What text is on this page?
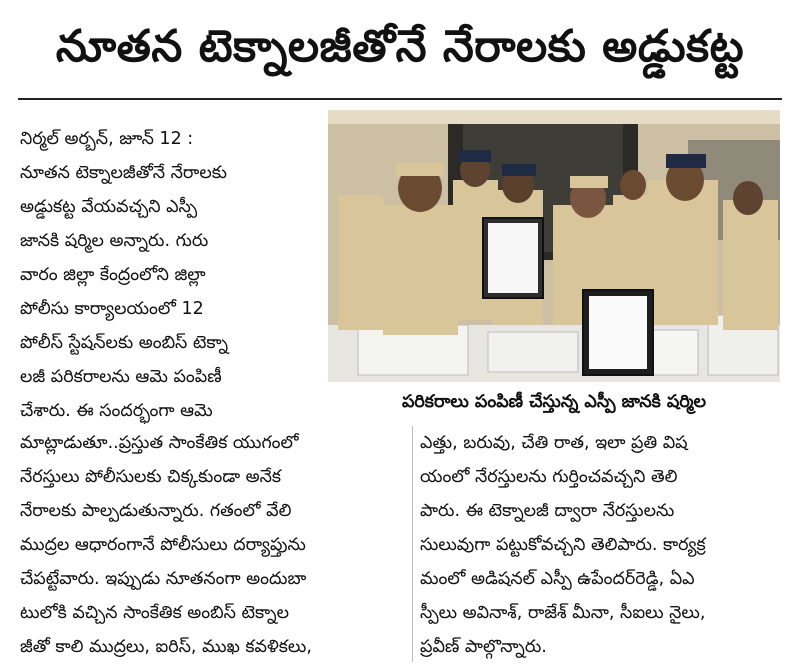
నూతన టెక్నాలజీతోనే నేరాలకు అడ్డుకట్ట
నిర్మల్ అర్బన్, జూన్ 12 :
నూతన టెక్నాలజీతోనే నేరాలకు
అడ్డుకట్ట వేయవచ్చని ఎస్పీ
జానకి షర్మిల అన్నారు. గురు
వారం జిల్లా కేంద్రంలోని జిల్లా
పోలీసు కార్యాలయంలో 12
పోలీస్ స్టేషన్‌లకు అంబిస్ టెక్నా
లజీ పరికరాలను ఆమె పంపిణీ
చేశారు. ఈ సందర్భంగా ఆమె	పరికరాలు పంపిణీ చేస్తున్న ఎస్పీ జానకి షర్మిల
మాట్లాడుతూ..ప్రస్తుత సాంకేతిక యుగంలో
నేరస్తులు పోలీసులకు చిక్కకుండా అనేక
నేరాలకు పాల్పడుతున్నారు. గతంలో వేలి
ముద్రల ఆధారంగానే పోలీసులు దర్యాప్తును
చేపట్టేవారు. ఇప్పుడు నూతనంగా అందుబా
టులోకి వచ్చిన సాంకేతిక అంబిస్ టెక్నాల
జీతో కాలి ముద్రలు, ఐరిస్, ముఖ కవళికలు,
ఎత్తు, బరువు, చేతి రాత, ఇలా ప్రతి విష
యంలో నేరస్తులను గుర్తించవచ్చని తెలి
పారు. ఈ టెక్నాలజీ ద్వారా నేరస్తులను
సులువుగా పట్టుకోవచ్చని తెలిపారు. కార్యక్ర
మంలో అడిషనల్ ఎస్పీ ఉపేందర్‌రెడ్డి, ఏఎ
స్పీలు అవినాశ్, రాజేశ్ మీనా, సీఐలు నైలు,
ప్రవీణ్ పాల్గొన్నారు.
